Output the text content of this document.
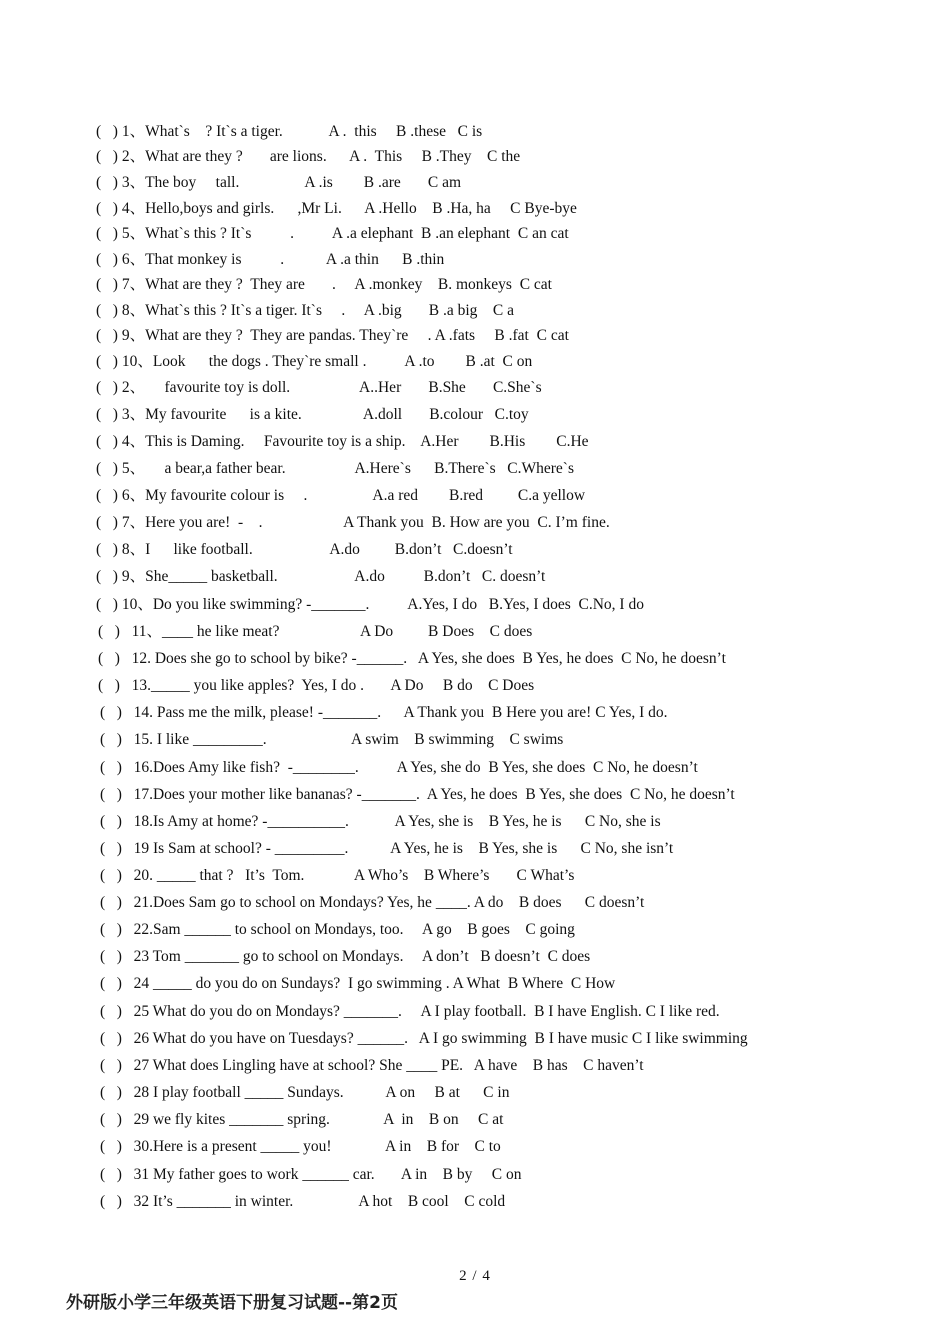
(   ) 1、What`s    ? It`s a tiger.            A .  this     B .these   C is
(   ) 2、What are they ?       are lions.      A .  This     B .They    C the
(   ) 3、The boy     tall.                 A .is        B .are       C am
(   ) 4、Hello,boys and girls.      ,Mr Li.      A .Hello    B .Ha, ha     C Bye-bye
(   ) 5、What`s this ? It`s          .          A .a elephant  B .an elephant  C an cat
(   ) 6、That monkey is          .           A .a thin      B .thin
(   ) 7、What are they ?  They are       .     A .monkey    B. monkeys  C cat
(   ) 8、What`s this ? It`s a tiger. It`s     .     A .big       B .a big    C a
(   ) 9、What are they ?  They are pandas. They`re     . A .fats     B .fat  C cat
(   ) 10、Look      the dogs . They`re small .          A .to        B .at  C on
(   ) 2、     favourite toy is doll.                  A..Her       B.She       C.She`s
(   ) 3、My favourite      is a kite.                A.doll       B.colour   C.toy
(   ) 4、This is Daming.     Favourite toy is a ship.    A.Her        B.His        C.He
(   ) 5、     a bear,a father bear.                  A.Here`s      B.There`s   C.Where`s
(   ) 6、My favourite colour is     .                 A.a red        B.red         C.a yellow
(   ) 7、Here you are!  -    .                     A Thank you  B. How are you  C. I’m fine.
(   ) 8、I      like football.                    A.do         B.don’t   C.doesn’t
(   ) 9、She_____ basketball.                    A.do          B.don’t   C. doesn’t
(   ) 10、Do you like swimming? -_______.          A.Yes, I do   B.Yes, I does  C.No, I do
(   )   11、____ he like meat?                     A Do         B Does    C does
(   )   12. Does she go to school by bike? -______.   A Yes, she does  B Yes, he does  C No, he doesn’t
(   )   13._____ you like apples?  Yes, I do .       A Do     B do    C Does
(   )   14. Pass me the milk, please! -_______.      A Thank you  B Here you are! C Yes, I do.
(   )   15. I like _________.                      A swim    B swimming    C swims
(   )   16.Does Amy like fish?  -________.          A Yes, she do  B Yes, she does  C No, he doesn’t
(   )   17.Does your mother like bananas? -_______.  A Yes, he does  B Yes, she does  C No, he doesn’t
(   )   18.Is Amy at home? -__________.            A Yes, she is    B Yes, he is      C No, she is
(   )   19 Is Sam at school? - _________.           A Yes, he is    B Yes, she is      C No, she isn’t
(   )   20. _____ that ?   It’s  Tom.             A Who’s    B Where’s       C What’s
(   )   21.Does Sam go to school on Mondays? Yes, he ____. A do    B does      C doesn’t
(   )   22.Sam ______ to school on Mondays, too.     A go    B goes    C going
(   )   23 Tom _______ go to school on Mondays.     A don’t   B doesn’t  C does
(   )   24 _____ do you do on Sundays?  I go swimming . A What  B Where  C How
(   )   25 What do you do on Mondays? _______.     A I play football.  B I have English. C I like red.
(   )   26 What do you have on Tuesdays? ______.   A I go swimming  B I have music C I like swimming
(   )   27 What does Lingling have at school? She ____ PE.   A have    B has    C haven’t
(   )   28 I play football _____ Sundays.           A on     B at      C in
(   )   29 we fly kites _______ spring.              A  in    B on     C at
(   )   30.Here is a present _____ you!              A in    B for    C to
(   )   31 My father goes to work ______ car.       A in    B by     C on
(   )   32 It’s _______ in winter.                 A hot    B cool    C cold
2 / 4
外研版小学三年级英语下册复习试题--第2页
